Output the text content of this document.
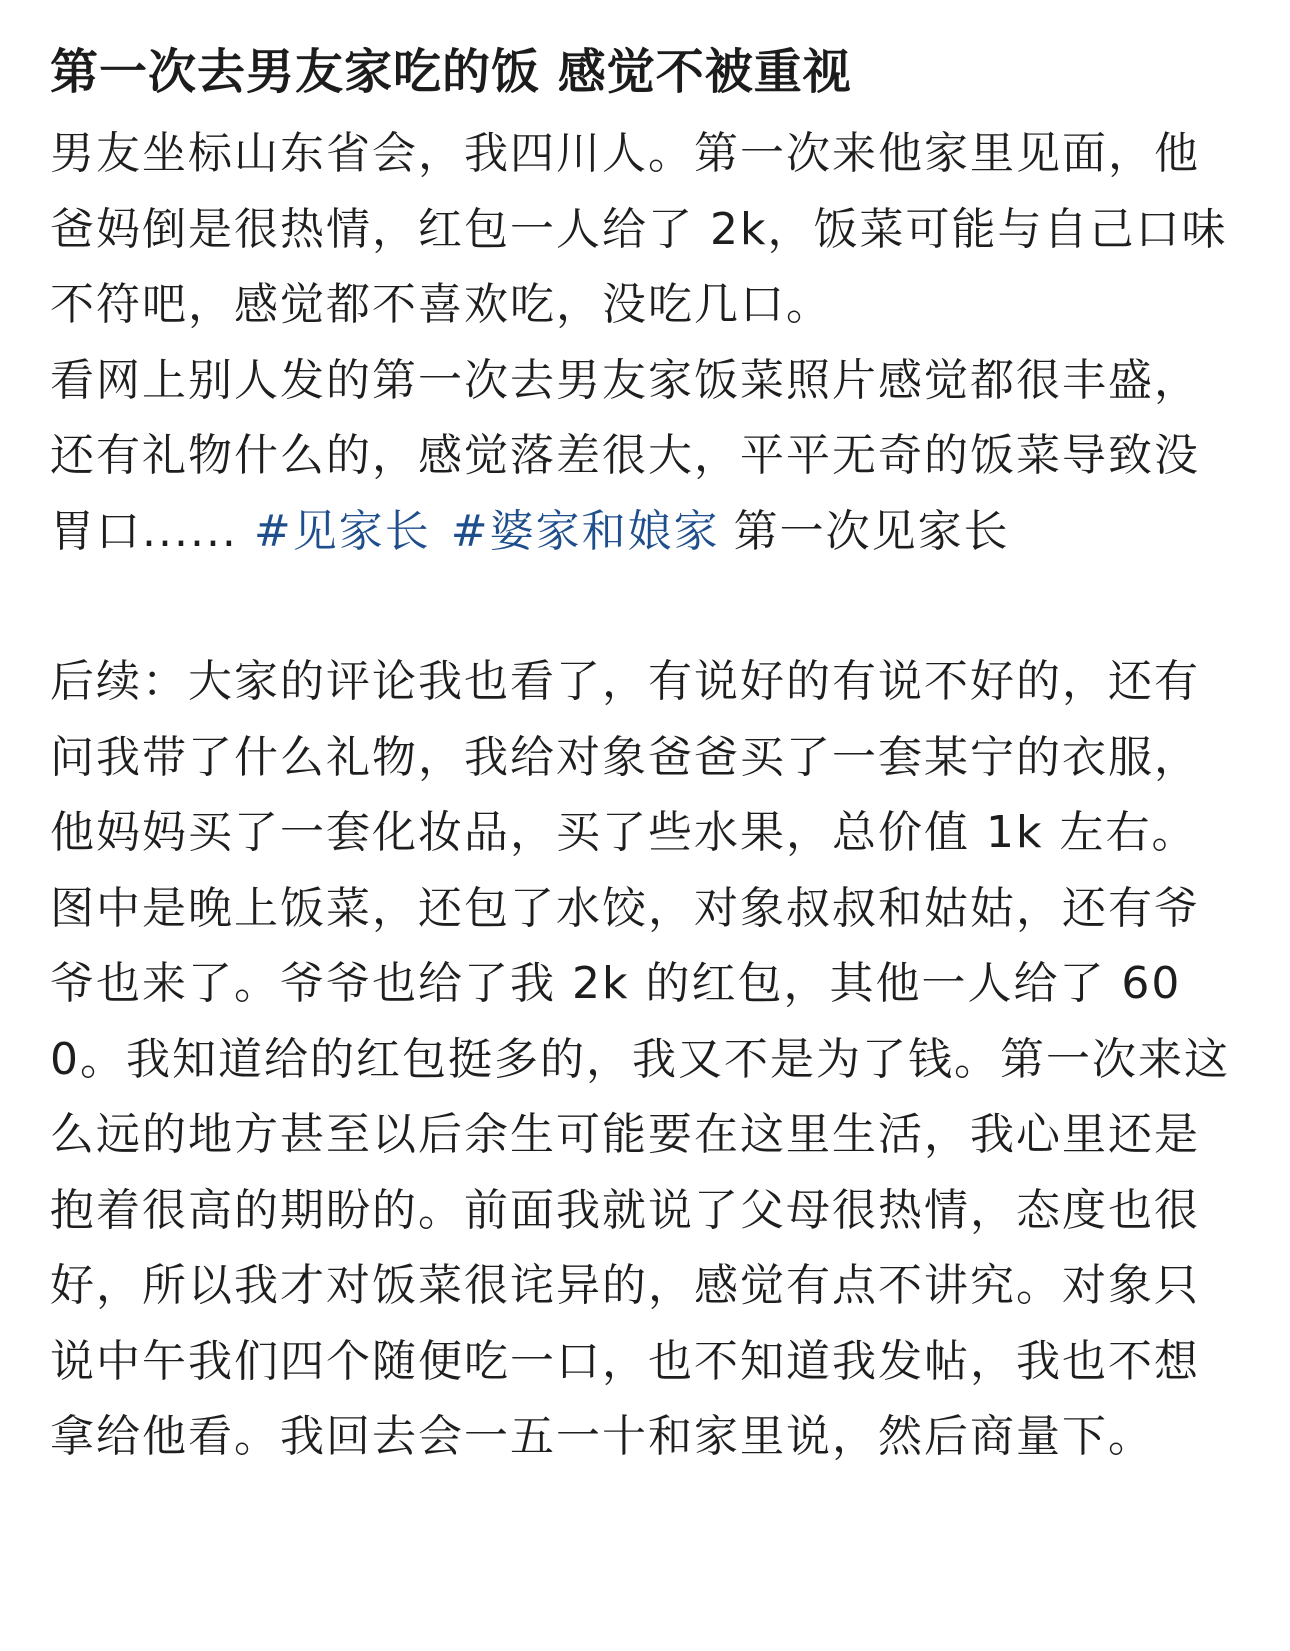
第一次去男友家吃的饭 感觉不被重视

男友坐标山东省会，我四川人。第一次来他家里见面，他爸妈倒是很热情，红包一人给了 2k，饭菜可能与自己口味不符吧，感觉都不喜欢吃，没吃几口。

看网上别人发的第一次去男友家饭菜照片感觉都很丰盛，还有礼物什么的，感觉落差很大，平平无奇的饭菜导致没胃口...... #见家长 #婆家和娘家 第一次见家长

后续：大家的评论我也看了，有说好的有说不好的，还有问我带了什么礼物，我给对象爸爸买了一套某宁的衣服，他妈妈买了一套化妆品，买了些水果，总价值 1k 左右。图中是晚上饭菜，还包了水饺，对象叔叔和姑姑，还有爷爷也来了。爷爷也给了我 2k 的红包，其他一人给了 600。我知道给的红包挺多的，我又不是为了钱。第一次来这么远的地方甚至以后余生可能要在这里生活，我心里还是抱着很高的期盼的。前面我就说了父母很热情，态度也很好，所以我才对饭菜很诧异的，感觉有点不讲究。对象只说中午我们四个随便吃一口，也不知道我发帖，我也不想拿给他看。我回去会一五一十和家里说，然后商量下。
